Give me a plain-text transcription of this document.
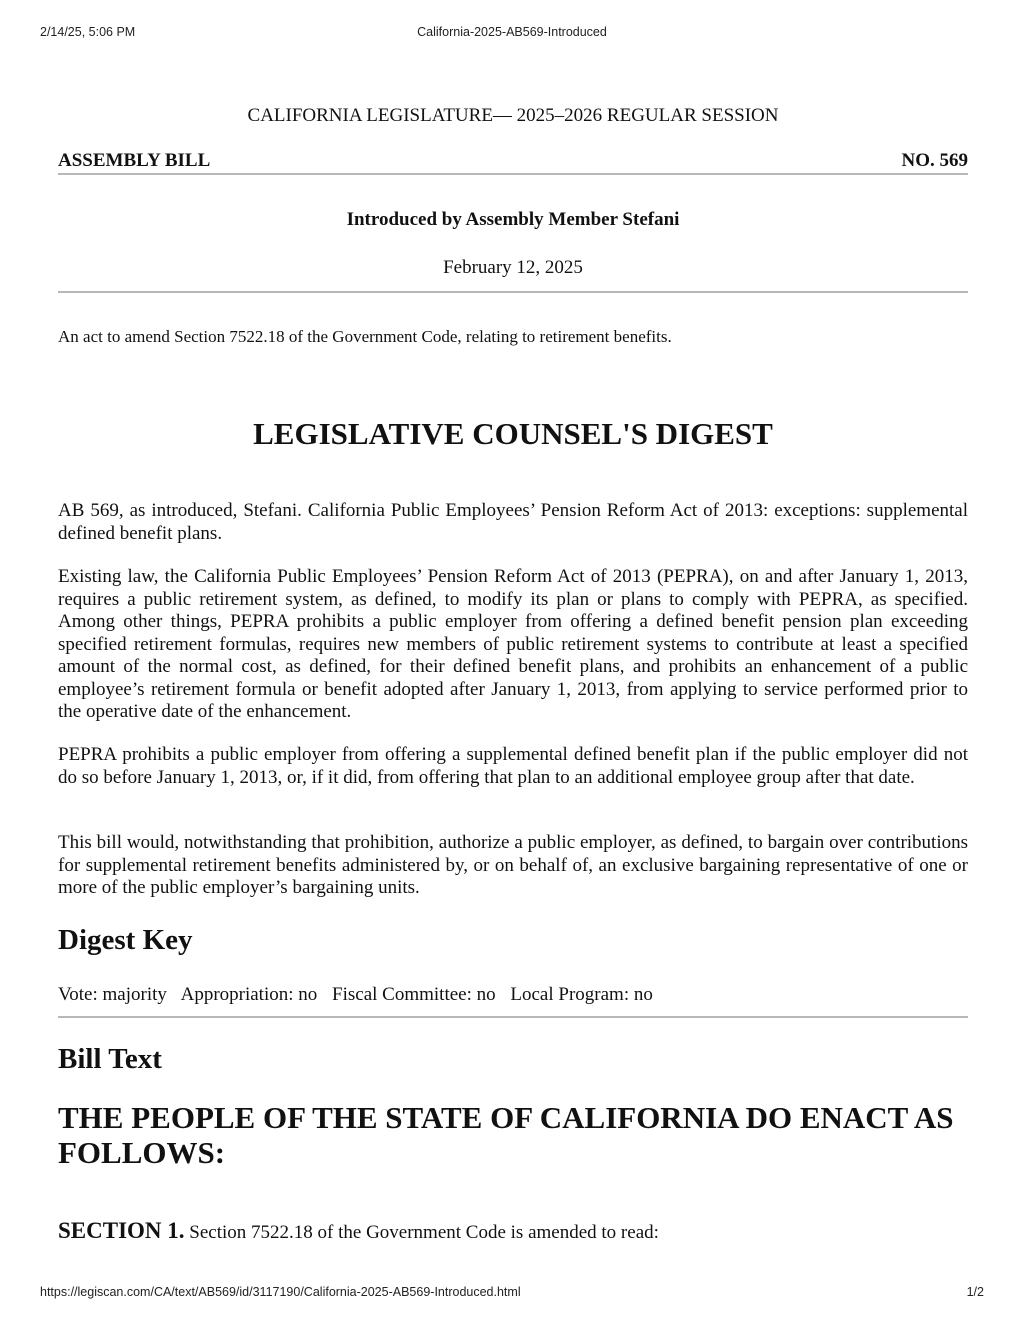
2/14/25, 5:06 PM	California-2025-AB569-Introduced
CALIFORNIA LEGISLATURE— 2025–2026 REGULAR SESSION
ASSEMBLY BILL	NO. 569
Introduced by Assembly Member Stefani
February 12, 2025
An act to amend Section 7522.18 of the Government Code, relating to retirement benefits.
LEGISLATIVE COUNSEL'S DIGEST

AB 569, as introduced, Stefani. California Public Employees’ Pension Reform Act of 2013: exceptions: supplemental defined benefit plans.

Existing law, the California Public Employees’ Pension Reform Act of 2013 (PEPRA), on and after January 1, 2013, requires a public retirement system, as defined, to modify its plan or plans to comply with PEPRA, as specified. Among other things, PEPRA prohibits a public employer from offering a defined benefit pension plan exceeding specified retirement formulas, requires new members of public retirement systems to contribute at least a specified amount of the normal cost, as defined, for their defined benefit plans, and prohibits an enhancement of a public employee’s retirement formula or benefit adopted after January 1, 2013, from applying to service performed prior to the operative date of the enhancement.

PEPRA prohibits a public employer from offering a supplemental defined benefit plan if the public employer did not do so before January 1, 2013, or, if it did, from offering that plan to an additional employee group after that date.

This bill would, notwithstanding that prohibition, authorize a public employer, as defined, to bargain over contributions for supplemental retirement benefits administered by, or on behalf of, an exclusive bargaining representative of one or more of the public employer’s bargaining units.

Digest Key
Vote: majority Appropriation: no Fiscal Committee: no Local Program: no
Bill Text
THE PEOPLE OF THE STATE OF CALIFORNIA DO ENACT AS FOLLOWS:
SECTION 1. Section 7522.18 of the Government Code is amended to read:
https://legiscan.com/CA/text/AB569/id/3117190/California-2025-AB569-Introduced.html	1/2
